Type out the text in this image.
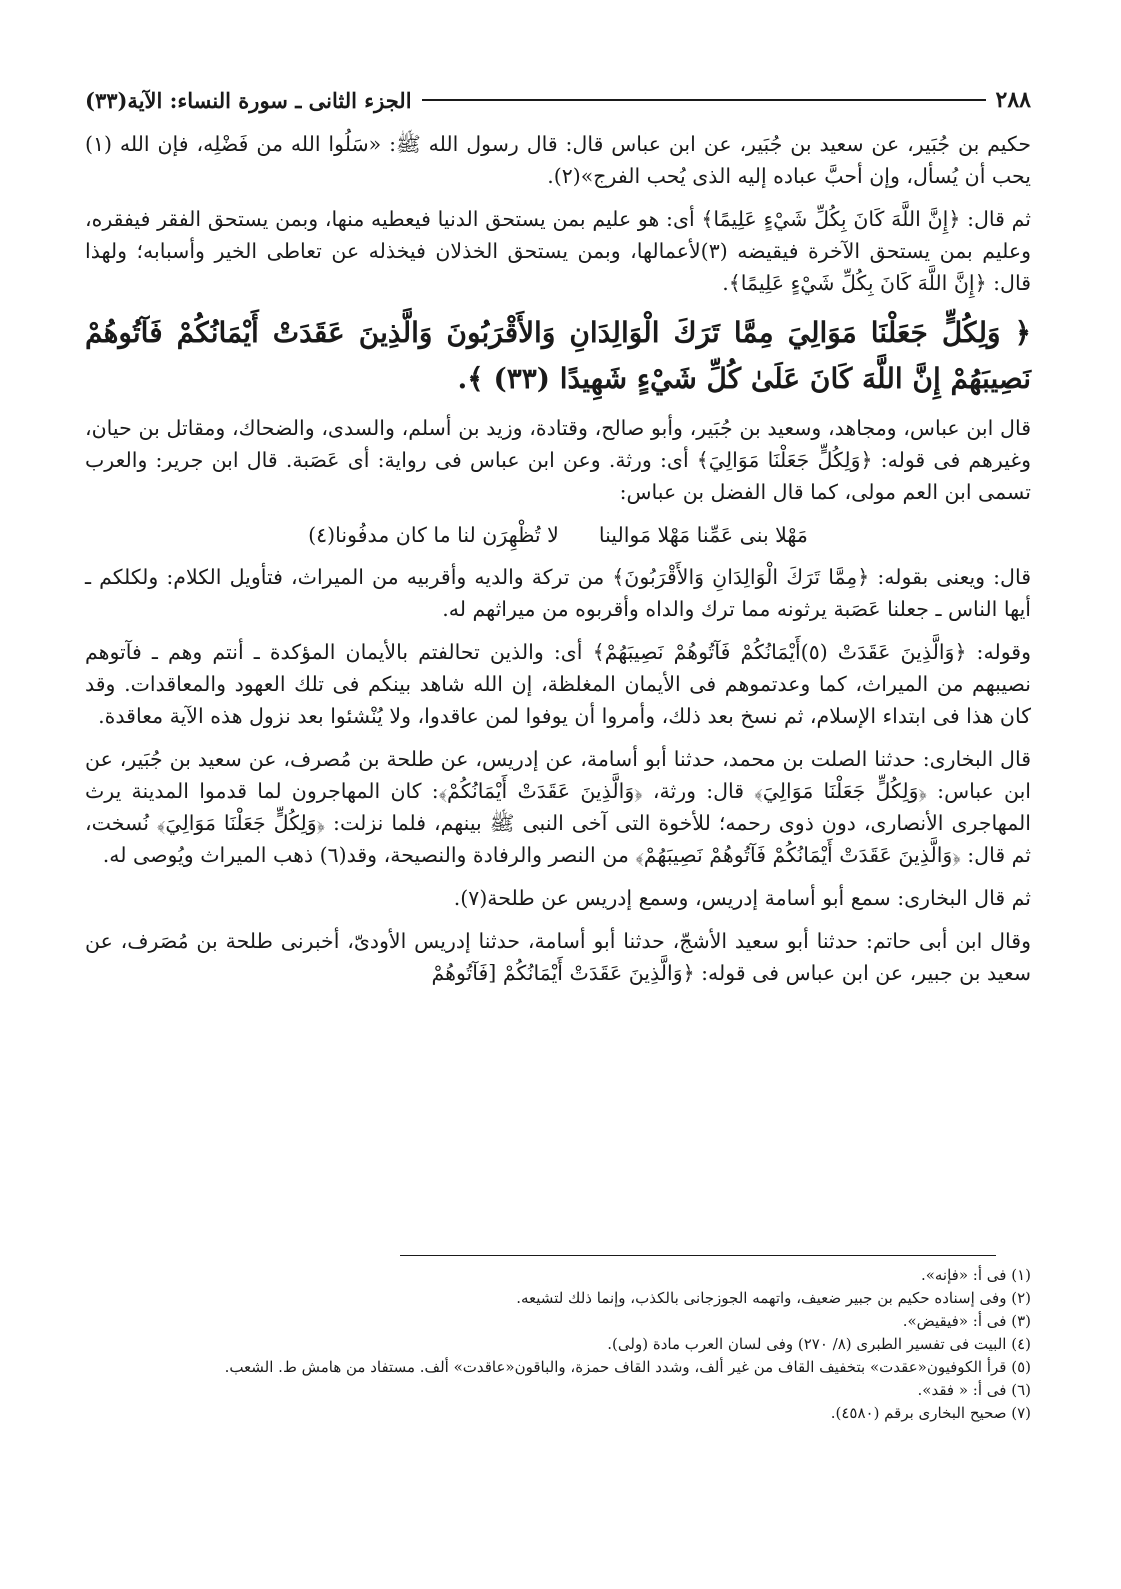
٢٨٨
الجزء الثانى ـ سورة النساء: الآية(٣٣)

حكيم بن جُبَير، عن سعيد بن جُبَير، عن ابن عباس قال: قال رسول الله ﷺ: «سَلُوا الله من فَضْلِه، فإن الله (١) يحب أن يُسأل، وإن أحبَّ عباده إليه الذى يُحب الفرج»(٢).

ثم قال: ﴿إِنَّ اللَّهَ كَانَ بِكُلِّ شَيْءٍ عَلِيمًا﴾ أى: هو عليم بمن يستحق الدنيا فيعطيه منها، وبمن يستحق الفقر فيفقره، وعليم بمن يستحق الآخرة فيقيضه (٣)لأعمالها، وبمن يستحق الخذلان فيخذله عن تعاطى الخير وأسبابه؛ ولهذا قال: ﴿إِنَّ اللَّهَ كَانَ بِكُلِّ شَيْءٍ عَلِيمًا﴾.

﴿ وَلِكُلٍّ جَعَلْنَا مَوَالِيَ مِمَّا تَرَكَ الْوَالِدَانِ وَالأَقْرَبُونَ وَالَّذِينَ عَقَدَتْ أَيْمَانُكُمْ فَآتُوهُمْ نَصِيبَهُمْ إِنَّ اللَّهَ كَانَ عَلَىٰ كُلِّ شَيْءٍ شَهِيدًا (٣٣) ﴾.

قال ابن عباس، ومجاهد، وسعيد بن جُبَير، وأبو صالح، وقتادة، وزيد بن أسلم، والسدى، والضحاك، ومقاتل بن حيان، وغيرهم فى قوله: ﴿وَلِكُلٍّ جَعَلْنَا مَوَالِيَ﴾ أى: ورثة. وعن ابن عباس فى رواية: أى عَصَبة. قال ابن جرير: والعرب تسمى ابن العم مولى، كما قال الفضل بن عباس:

مَهْلا بنى عَمِّنا مَهْلا مَوالينا
لا تُظْهِرَن لنا ما كان مدفُونا(٤)

قال: ويعنى بقوله: ﴿مِمَّا تَرَكَ الْوَالِدَانِ وَالأَقْرَبُونَ﴾ من تركة والديه وأقربيه من الميراث، فتأويل الكلام: ولكلكم ـ أيها الناس ـ جعلنا عَصَبة يرثونه مما ترك والداه وأقربوه من ميراثهم له.

وقوله: ﴿وَالَّذِينَ عَقَدَتْ (٥)أَيْمَانُكُمْ فَآتُوهُمْ نَصِيبَهُمْ﴾ أى: والذين تحالفتم بالأيمان المؤكدة ـ أنتم وهم ـ فآتوهم نصيبهم من الميراث، كما وعدتموهم فى الأيمان المغلظة، إن الله شاهد بينكم فى تلك العهود والمعاقدات. وقد كان هذا فى ابتداء الإسلام، ثم نسخ بعد ذلك، وأمروا أن يوفوا لمن عاقدوا، ولا يُنْشئوا بعد نزول هذه الآية معاقدة.

قال البخارى: حدثنا الصلت بن محمد، حدثنا أبو أسامة، عن إدريس، عن طلحة بن مُصرف، عن سعيد بن جُبَير، عن ابن عباس: ﴿وَلِكُلٍّ جَعَلْنَا مَوَالِيَ﴾ قال: ورثة، ﴿وَالَّذِينَ عَقَدَتْ أَيْمَانُكُمْ﴾: كان المهاجرون لما قدموا المدينة يرث المهاجرى الأنصارى، دون ذوى رحمه؛ للأخوة التى آخى النبى ﷺ بينهم، فلما نزلت: ﴿وَلِكُلٍّ جَعَلْنَا مَوَالِيَ﴾ نُسخت، ثم قال: ﴿وَالَّذِينَ عَقَدَتْ أَيْمَانُكُمْ فَآتُوهُمْ نَصِيبَهُمْ﴾ من النصر والرفادة والنصيحة، وقد(٦) ذهب الميراث ويُوصى له.

ثم قال البخارى: سمع أبو أسامة إدريس، وسمع إدريس عن طلحة(٧).

وقال ابن أبى حاتم: حدثنا أبو سعيد الأشجّ، حدثنا أبو أسامة، حدثنا إدريس الأودىّ، أخبرنى طلحة بن مُصَرف، عن سعيد بن جبير، عن ابن عباس فى قوله: ﴿وَالَّذِينَ عَقَدَتْ أَيْمَانُكُمْ [فَآتُوهُمْ

(١) فى أ: «فإنه».

(٢) وفى إسناده حكيم بن جبير ضعيف، واتهمه الجوزجانى بالكذب، وإنما ذلك لتشيعه.

(٣) فى أ: «فيقيض».

(٤) البيت فى تفسير الطبرى (٨/ ٢٧٠) وفى لسان العرب مادة (ولى).

(٥) قرأ الكوفيون«عقدت» بتخفيف القاف من غير ألف، وشدد القاف حمزة، والباقون«عاقدت» ألف. مستفاد من هامش ط. الشعب.

(٦) فى أ: « فقد».

(٧) صحيح البخارى برقم (٤٥٨٠).
